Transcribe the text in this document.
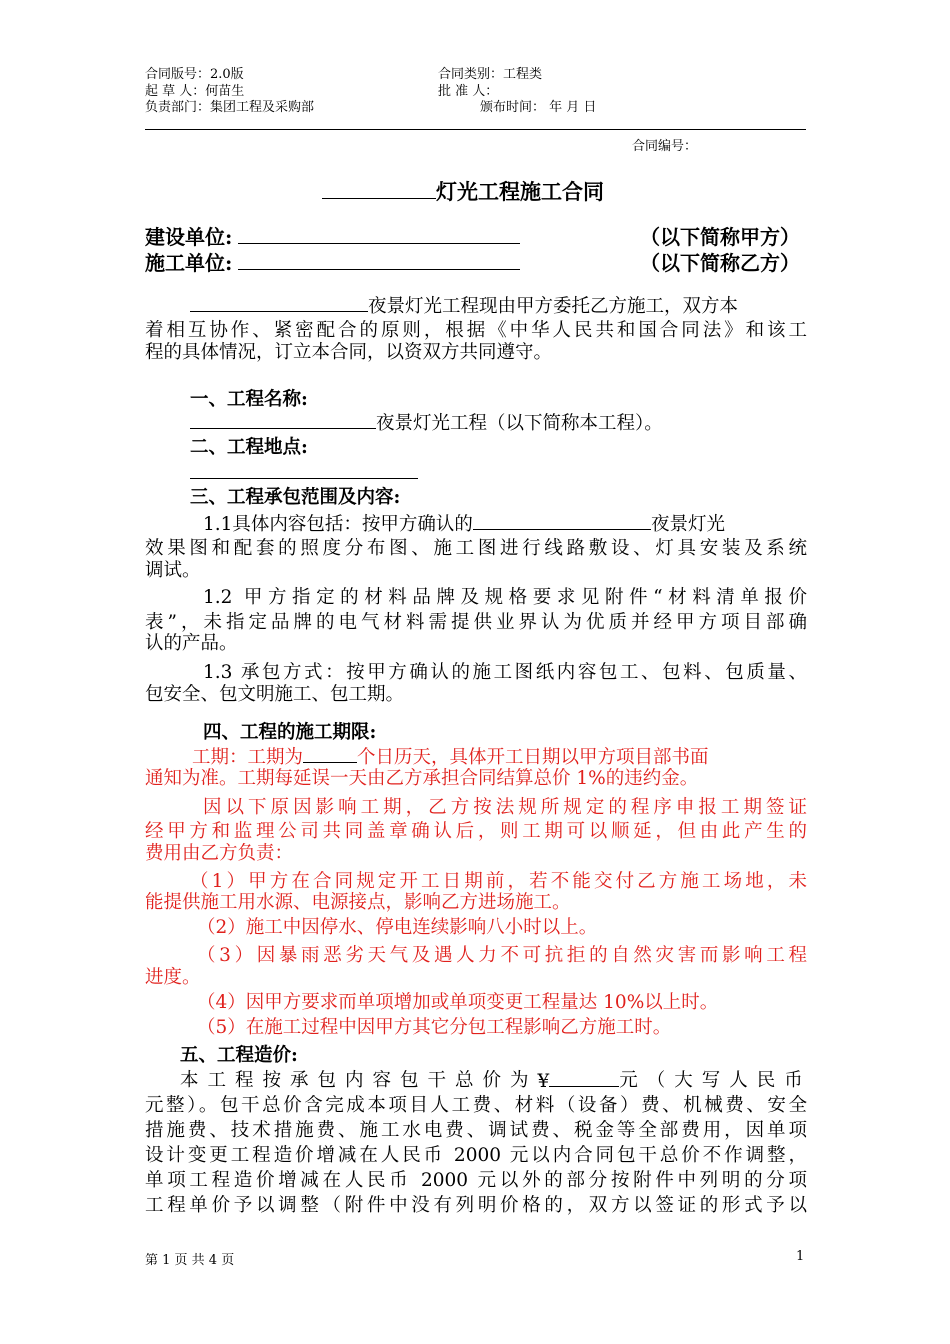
合同版号：2.0版	合同类别：工程类
起 草 人：何苗生	批 准 人：
负责部门：集团工程及采购部	颁布时间： 年 月 日
合同编号：
灯光工程施工合同
建设单位:	（以下简称甲方）
施工单位:	（以下简称乙方）
夜景灯光工程现由甲方委托乙方施工，双方本
着相互协作、紧密配合的原则，根据《中华人民共和国合同法》和该工
程的具体情况，订立本合同，以资双方共同遵守。
一、工程名称:
夜景灯光工程（以下简称本工程）。
二、工程地点:
三、工程承包范围及内容:
1.1具体内容包括：按甲方确认的	夜景灯光
效果图和配套的照度分布图、施工图进行线路敷设、灯具安装及系统
调试。
1.2 甲方指定的材料品牌及规格要求见附件“材料清单报价
表”，未指定品牌的电气材料需提供业界认为优质并经甲方项目部确
认的产品。
1.3 承包方式：按甲方确认的施工图纸内容包工、包料、包质量、
包安全、包文明施工、包工期。
四、工程的施工期限:
工期：工期为	个日历天，具体开工日期以甲方项目部书面
通知为准。工期每延误一天由乙方承担合同结算总价 1%的违约金。
因以下原因影响工期，乙方按法规所规定的程序申报工期签证
经甲方和监理公司共同盖章确认后，则工期可以顺延，但由此产生的
费用由乙方负责：
（1）甲方在合同规定开工日期前，若不能交付乙方施工场地，未
能提供施工用水源、电源接点，影响乙方进场施工。
（2）施工中因停水、停电连续影响八小时以上。
（3）因暴雨恶劣天气及遇人力不可抗拒的自然灾害而影响工程
进度。
（4）因甲方要求而单项增加或单项变更工程量达 10%以上时。
（5）在施工过程中因甲方其它分包工程影响乙方施工时。
五、工程造价:
本工程按承包内容包干总价为 ¥	元（大写人民币
元整）。包干总价含完成本项目人工费、材料（设备）费、机械费、安全
措施费、技术措施费、施工水电费、调试费、税金等全部费用，因单项
设计变更工程造价增减在人民币 2000 元以内合同包干总价不作调整，
单项工程造价增减在人民币 2000 元以外的部分按附件中列明的分项
工程单价予以调整（附件中没有列明价格的，双方以签证的形式予以
第 1 页 共 4 页	1
